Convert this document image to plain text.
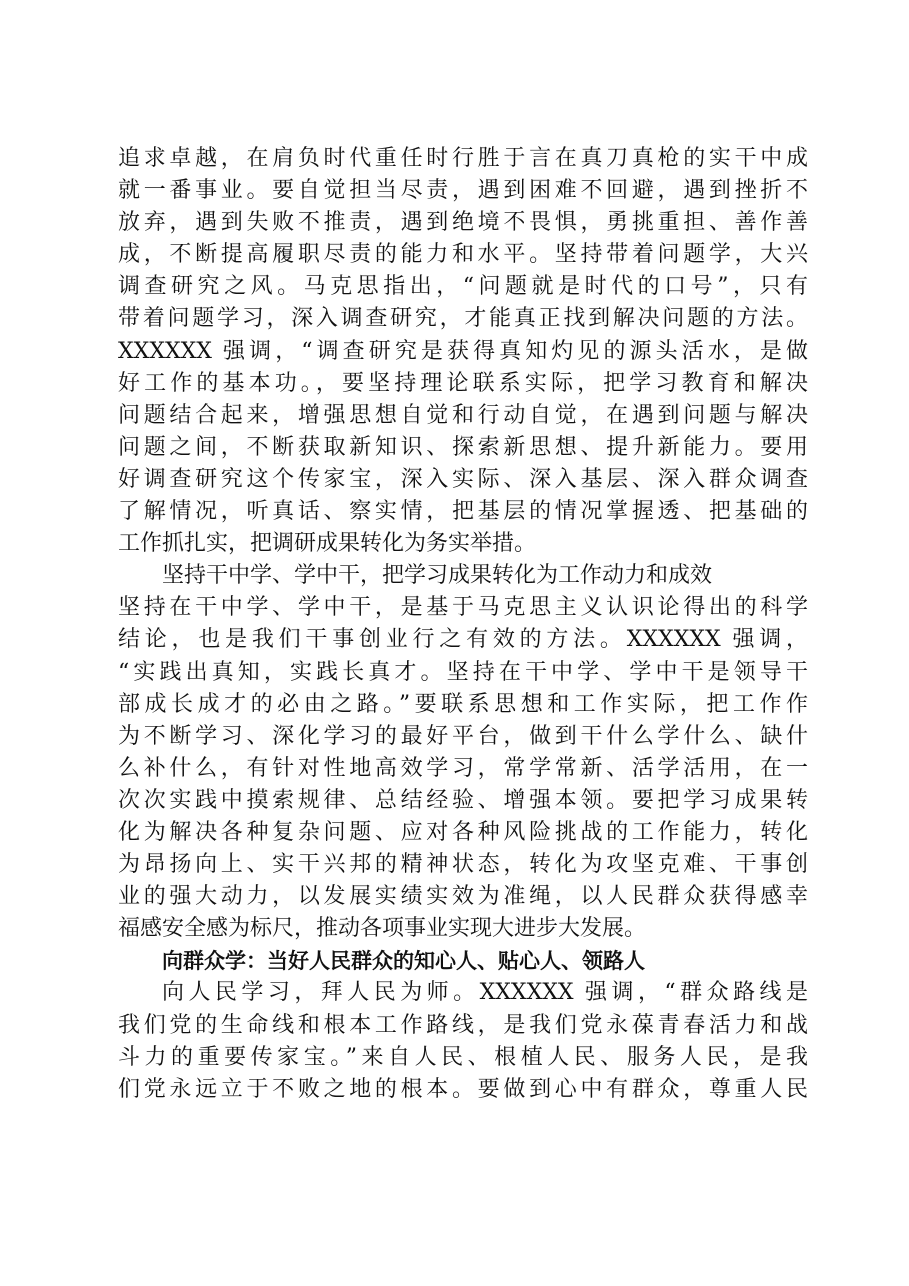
追求卓越，在肩负时代重任时行胜于言在真刀真枪的实干中成
就一番事业。要自觉担当尽责，遇到困难不回避，遇到挫折不
放弃，遇到失败不推责，遇到绝境不畏惧，勇挑重担、善作善
成，不断提高履职尽责的能力和水平。坚持带着问题学，大兴
调查研究之风。马克思指出，“问题就是时代的口号”，只有
带着问题学习，深入调查研究，才能真正找到解决问题的方法。
XXXXXX 强调，“调查研究是获得真知灼见的源头活水，是做
好工作的基本功。，要坚持理论联系实际，把学习教育和解决
问题结合起来，增强思想自觉和行动自觉，在遇到问题与解决
问题之间，不断获取新知识、探索新思想、提升新能力。要用
好调查研究这个传家宝，深入实际、深入基层、深入群众调查
了解情况，听真话、察实情，把基层的情况掌握透、把基础的
工作抓扎实，把调研成果转化为务实举措。
坚持干中学、学中干，把学习成果转化为工作动力和成效
坚持在干中学、学中干，是基于马克思主义认识论得出的科学
结论，也是我们干事创业行之有效的方法。XXXXXX 强调，
“实践出真知，实践长真才。坚持在干中学、学中干是领导干
部成长成才的必由之路。”要联系思想和工作实际，把工作作
为不断学习、深化学习的最好平台，做到干什么学什么、缺什
么补什么，有针对性地高效学习，常学常新、活学活用，在一
次次实践中摸索规律、总结经验、增强本领。要把学习成果转
化为解决各种复杂问题、应对各种风险挑战的工作能力，转化
为昂扬向上、实干兴邦的精神状态，转化为攻坚克难、干事创
业的强大动力，以发展实绩实效为准绳，以人民群众获得感幸
福感安全感为标尺，推动各项事业实现大进步大发展。
向群众学：当好人民群众的知心人、贴心人、领路人
向人民学习，拜人民为师。XXXXXX 强调，“群众路线是
我们党的生命线和根本工作路线，是我们党永葆青春活力和战
斗力的重要传家宝。”来自人民、根植人民、服务人民，是我
们党永远立于不败之地的根本。要做到心中有群众，尊重人民
